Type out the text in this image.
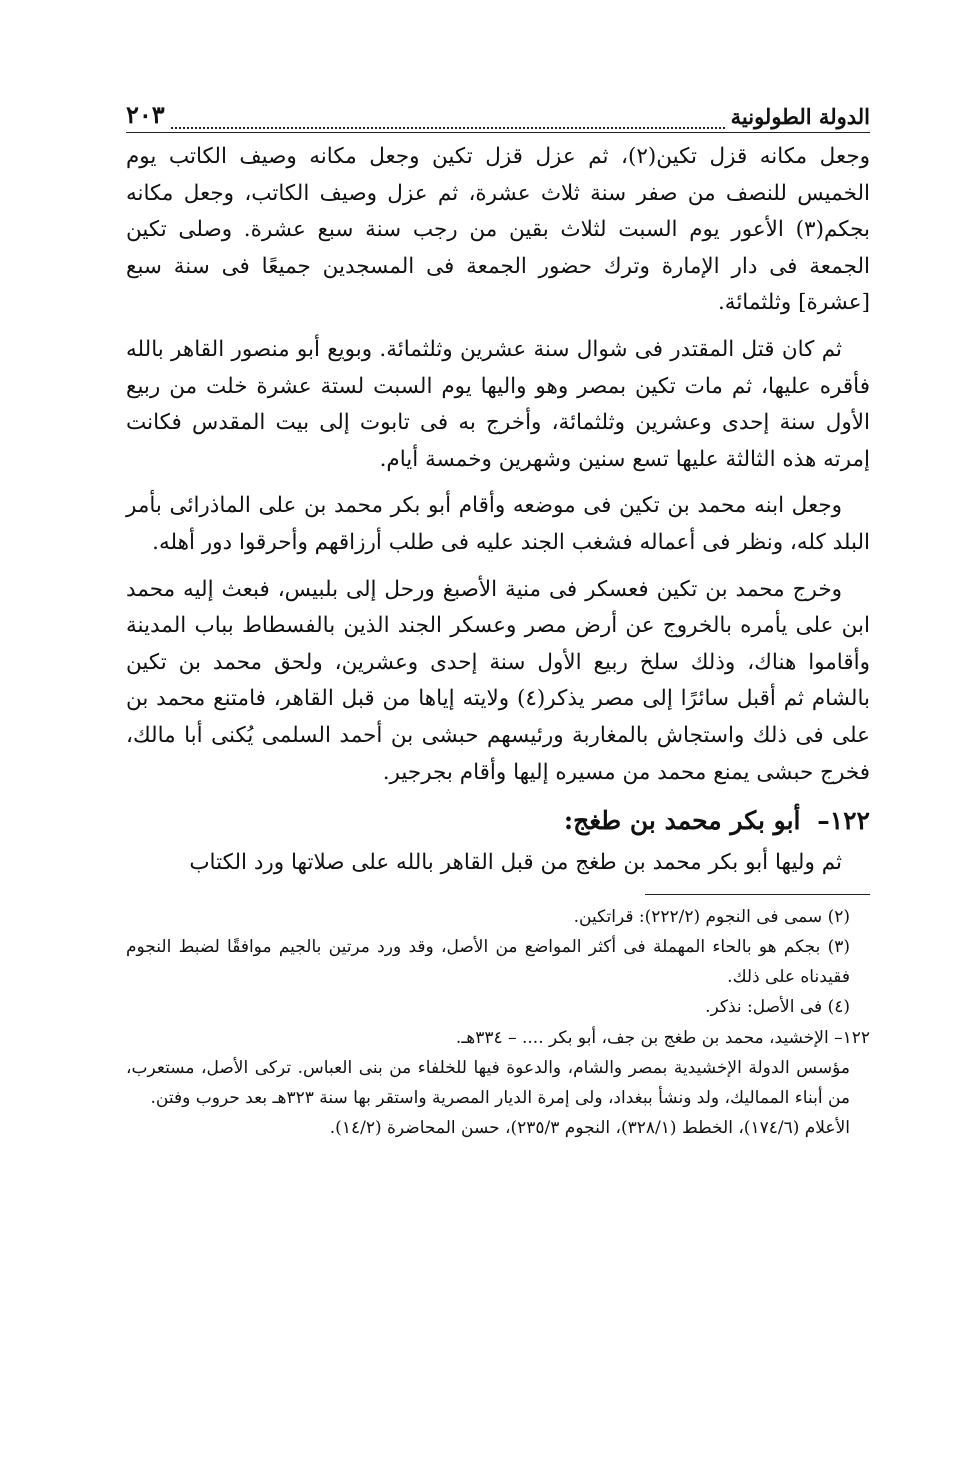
الدولة الطولونية
٢٠٣

وجعل مكانه قزل تكين(٢)، ثم عزل قزل تكين وجعل مكانه وصيف الكاتب يوم الخميس للنصف من صفر سنة ثلاث عشرة، ثم عزل وصيف الكاتب، وجعل مكانه بجكم(٣) الأعور يوم السبت لثلاث بقين من رجب سنة سبع عشرة. وصلى تكين الجمعة فى دار الإمارة وترك حضور الجمعة فى المسجدين جميعًا فى سنة سبع [عشرة] وثلثمائة.

ثم كان قتل المقتدر فى شوال سنة عشرين وثلثمائة. وبويع أبو منصور القاهر بالله فأقره عليها، ثم مات تكين بمصر وهو واليها يوم السبت لستة عشرة خلت من ربيع الأول سنة إحدى وعشرين وثلثمائة، وأخرج به فى تابوت إلى بيت المقدس فكانت إمرته هذه الثالثة عليها تسع سنين وشهرين وخمسة أيام.

وجعل ابنه محمد بن تكين فى موضعه وأقام أبو بكر محمد بن على الماذرائى بأمر البلد كله، ونظر فى أعماله فشغب الجند عليه فى طلب أرزاقهم وأحرقوا دور أهله.

وخرج محمد بن تكين فعسكر فى منية الأصبغ ورحل إلى بلبيس، فبعث إليه محمد ابن على يأمره بالخروج عن أرض مصر وعسكر الجند الذين بالفسطاط بباب المدينة وأقاموا هناك، وذلك سلخ ربيع الأول سنة إحدى وعشرين، ولحق محمد بن تكين بالشام ثم أقبل سائرًا إلى مصر يذكر(٤) ولايته إياها من قبل القاهر، فامتنع محمد بن على فى ذلك واستجاش بالمغاربة ورئيسهم حبشى بن أحمد السلمى يُكنى أبا مالك، فخرج حبشى يمنع محمد من مسيره إليها وأقام بجرجير.

١٢٢– أبو بكر محمد بن طغج:

ثم وليها أبو بكر محمد بن طغج من قبل القاهر بالله على صلاتها ورد الكتاب

(٢) سمى فى النجوم (٢٢٢/٢): قراتكين.

(٣) بجكم هو بالحاء المهملة فى أكثر المواضع من الأصل، وقد ورد مرتين بالجيم موافقًا لضبط النجوم فقيدناه على ذلك.

(٤) فى الأصل: نذكر.

١٢٢– الإخشيد، محمد بن طغج بن جف، أبو بكر .... – ٣٣٤هـ.

مؤسس الدولة الإخشيدية بمصر والشام، والدعوة فيها للخلفاء من بنى العباس. تركى الأصل، مستعرب، من أبناء المماليك، ولد ونشأ ببغداد، ولى إمرة الديار المصرية واستقر بها سنة ٣٢٣هـ بعد حروب وفتن.

الأعلام (١٧٤/٦)، الخطط (٣٢٨/١)، النجوم ٢٣٥/٣)، حسن المحاضرة (١٤/٢).
